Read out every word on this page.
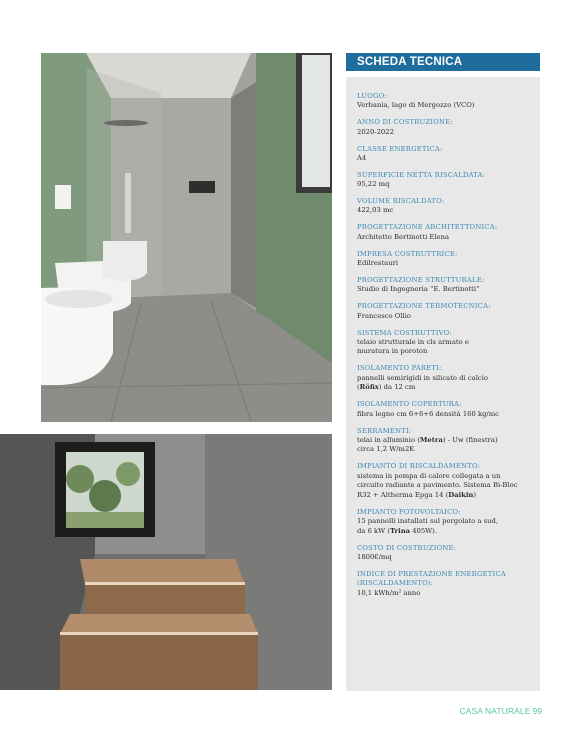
SCHEDA TECNICA
LUOGO:
Verbania, lago di Mergozzo (VCO)
ANNO DI COSTRUZIONE:
2020-2022
CLASSE ENERGETICA:
A4
SUPERFICIE NETTA RISCALDATA:
95,22 mq
VOLUME RISCALDATO:
422,03 mc
PROGETTAZIONE ARCHITETTONICA:
Architetto Bertinotti Elena
IMPRESA COSTRUTTRICE:
Edilrestauri
PROGETTAZIONE STRUTTURALE:
Studio di Ingegneria “E. Bertinotti”
PROGETTAZIONE TERMOTECNICA:
Francesco Ollio
SISTEMA COSTRUTTIVO:
telaio strutturale in cls armato e
muratura in poroton
ISOLAMENTO PARETI:
pannelli semirigidi in silicato di calcio
(Röfix) da 12 cm
ISOLAMENTO COPERTURA:
fibra legno cm 6+6+6 densità 160 kg/mc
SERRAMENTI:
telai in alluminio (Metra) - Uw (finestra)
circa 1,2 W/m2K
IMPIANTO DI RISCALDAMENTO:
sistema in pompa di calore collegata a un
circuito radiante a pavimento. Sistema Bi-Bloc
R32 + Altherma Epga 14 (Daikin)
IMPIANTO FOTOVOLTAICO:
15 pannelli installati sul pergolato a sud,
da 6 kW (Trina 405W).
COSTO DI COSTRUZIONE:
1800€/mq
INDICE DI PRESTAZIONE ENERGETICA
(RISCALDAMENTO):
10,1 kWh/m² anno
CASA NATURALE 99
